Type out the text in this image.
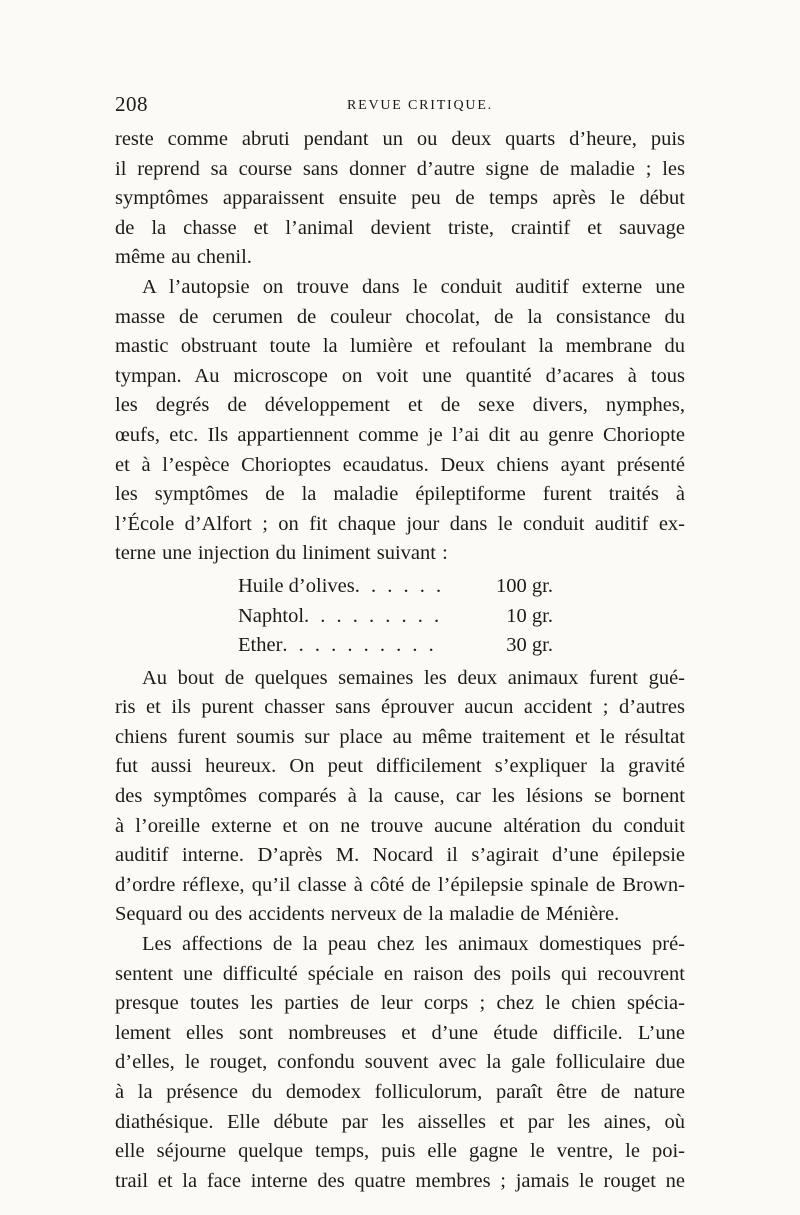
208	REVUE CRITIQUE.
reste comme abruti pendant un ou deux quarts d’heure, puis
il reprend sa course sans donner d’autre signe de maladie ; les
symptômes apparaissent ensuite peu de temps après le début
de la chasse et l’animal devient triste, craintif et sauvage
même au chenil.
A l’autopsie on trouve dans le conduit auditif externe une
masse de cerumen de couleur chocolat, de la consistance du
mastic obstruant toute la lumière et refoulant la membrane du
tympan. Au microscope on voit une quantité d’acares à tous
les degrés de développement et de sexe divers, nymphes,
œufs, etc. Ils appartiennent comme je l’ai dit au genre Choriopte
et à l’espèce Chorioptes ecaudatus. Deux chiens ayant présenté
les symptômes de la maladie épileptiforme furent traités à
l’École d’Alfort ; on fit chaque jour dans le conduit auditif ex-
terne une injection du liniment suivant :
Huile d’olives. . . . . .	100 gr.
Naphtol. . . . . . . . .	10 gr.
Ether. . . . . . . . . .	30 gr.
Au bout de quelques semaines les deux animaux furent gué-
ris et ils purent chasser sans éprouver aucun accident ; d’autres
chiens furent soumis sur place au même traitement et le résultat
fut aussi heureux. On peut difficilement s’expliquer la gravité
des symptômes comparés à la cause, car les lésions se bornent
à l’oreille externe et on ne trouve aucune altération du conduit
auditif interne. D’après M. Nocard il s’agirait d’une épilepsie
d’ordre réflexe, qu’il classe à côté de l’épilepsie spinale de Brown-
Sequard ou des accidents nerveux de la maladie de Ménière.
Les affections de la peau chez les animaux domestiques pré-
sentent une difficulté spéciale en raison des poils qui recouvrent
presque toutes les parties de leur corps ; chez le chien spécia-
lement elles sont nombreuses et d’une étude difficile. L’une
d’elles, le rouget, confondu souvent avec la gale folliculaire due
à la présence du demodex folliculorum, paraît être de nature
diathésique. Elle débute par les aisselles et par les aines, où
elle séjourne quelque temps, puis elle gagne le ventre, le poi-
trail et la face interne des quatre membres ; jamais le rouget ne
